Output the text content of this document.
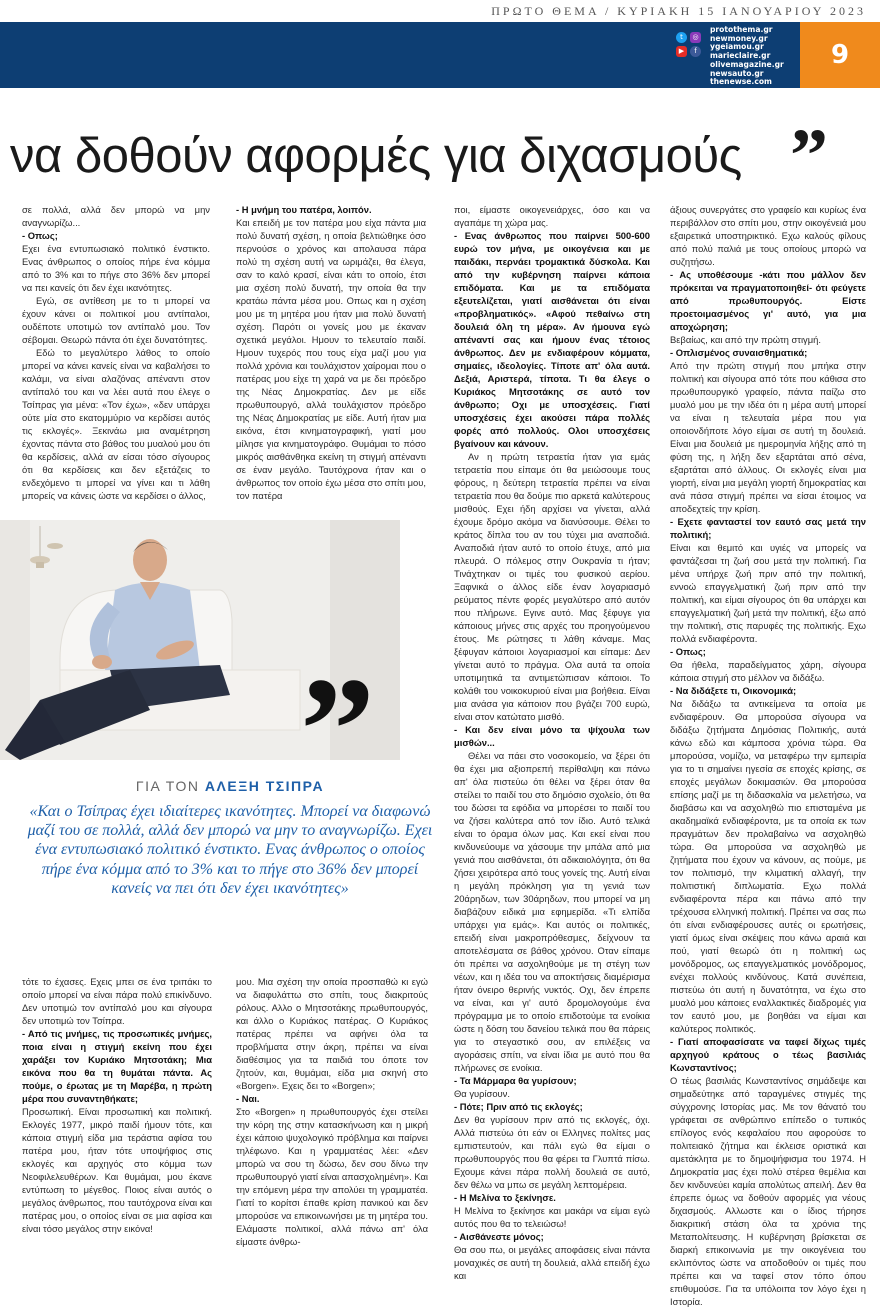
ΠΡΩΤΟ ΘΕΜΑ / ΚΥΡΙΑΚΗ 15 ΙΑΝΟΥΑΡΙΟΥ 2023
t	◎
▶	f
protothema.gr
newmoney.gr
ygeiamou.gr
marieclaire.gr
olivemagazine.gr
newsauto.gr
thenewse.com
9
να δοθούν αφορμές για διχασμούς ”

σε πολλά, αλλά δεν μπορώ να μην αναγνωρίζω...

- Οπως;

Εχει ένα εντυπωσιακό πολιτικό ένστικτο. Ενας άνθρωπος ο οποίος πήρε ένα κόμμα από το 3% και το πήγε στο 36% δεν μπορεί να πει κανείς ότι δεν έχει ικανότητες.

Εγώ, σε αντίθεση με το τι μπορεί να έχουν κάνει οι πολιτικοί μου αντίπαλοι, ουδέποτε υποτιμώ τον αντίπαλό μου. Τον σέβομαι. Θεωρώ πάντα ότι έχει δυνατότητες.

Εδώ το μεγαλύτερο λάθος το οποίο μπορεί να κάνει κανείς είναι να καβαλήσει το καλάμι, να είναι αλαζόνας απέναντι στον αντίπαλό του και να λέει αυτά που έλεγε ο Τσίπρας για μένα: «Τον έχω», «δεν υπάρχει ούτε μία στο εκατομμύριο να κερδίσει αυτός τις εκλογές». Ξεκινάω μια αναμέτρηση έχοντας πάντα στο βάθος του μυαλού μου ότι θα κερδίσεις, αλλά αν είσαι τόσο σίγουρος ότι θα κερδίσεις και δεν εξετάζεις το ενδεχόμενο τι μπορεί να γίνει και τι λάθη μπορείς να κάνεις ώστε να κερδίσει ο άλλος,

- Η μνήμη του πατέρα, λοιπόν.

Και επειδή με τον πατέρα μου είχα πάντα μια πολύ δυνατή σχέση, η οποία βελτιώθηκε όσο περνούσε ο χρόνος και απολαυσα πάρα πολύ τη σχέση αυτή να ωριμάζει, θα έλεγα, σαν το καλό κρασί, είναι κάτι το οποίο, έτσι μια σχέση πολύ δυνατή, την οποία θα την κρατάω πάντα μέσα μου. Οπως και η σχέση μου με τη μητέρα μου ήταν μια πολύ δυνατή σχέση. Παρότι οι γονείς μου με έκαναν σχετικά μεγάλοι. Ημουν το τελευταίο παιδί. Ημουν τυχερός που τους είχα μαζί μου για πολλά χρόνια και τουλάχιστον χαίρομαι που ο πατέρας μου είχε τη χαρά να με δει πρόεδρο της Νέας Δημοκρατίας. Δεν με είδε πρωθυπουργό, αλλά τουλάχιστον πρόεδρο της Νέας Δημοκρατίας με είδε. Αυτή ήταν μια εικόνα, έτσι κινηματογραφική, γιατί μου μίλησε για κινηματογράφο. Θυμάμαι το πόσο μικρός αισθάνθηκα εκείνη τη στιγμή απέναντι σε έναν μεγάλο. Ταυτόχρονα ήταν και ο άνθρωπος τον οποίο έχω μέσα στο σπίτι μου, τον πατέρα

ποι, είμαστε οικογενειάρχες, όσο και να αγαπάμε τη χώρα μας.

- Ενας άνθρωπος που παίρνει 500-600 ευρώ τον μήνα, με οικογένεια και με παιδάκι, περνάει τρομακτικά δύσκολα. Και από την κυβέρνηση παίρνει κάποια επιδόματα. Και με τα επιδόματα εξευτελίζεται, γιατί αισθάνεται ότι είναι «προβληματικός». «Αφού πεθαίνω στη δουλειά όλη τη μέρα». Αν ήμουνα εγώ απέναντί σας και ήμουν ένας τέτοιος άνθρωπος. Δεν με ενδιαφέρουν κόμματα, σημαίες, ιδεολογίες. Τίποτε απ' όλα αυτά. Δεξιά, Αριστερά, τίποτα. Τι θα έλεγε ο Κυριάκος Μητσοτάκης σε αυτό τον άνθρωπο; Οχι με υποσχέσεις. Γιατί υποσχέσεις έχει ακούσει πάρα πολλές φορές από πολλούς. Ολοι υποσχέσεις βγαίνουν και κάνουν.

Αν η πρώτη τετραετία ήταν για εμάς τετραετία που είπαμε ότι θα μειώσουμε τους φόρους, η δεύτερη τετραετία πρέπει να είναι τετραετία που θα δούμε πιο αρκετά καλύτερους μισθούς. Εχει ήδη αρχίσει να γίνεται, αλλά έχουμε δρόμο ακόμα να διανύσουμε. Θέλει το κράτος δίπλα του αν του τύχει μια αναποδιά. Αναποδιά ήταν αυτό το οποίο έτυχε, από μια πλευρά. Ο πόλεμος στην Ουκρανία τι ήταν; Τινάχτηκαν οι τιμές του φυσικού αερίου. Ξαφνικά ο άλλος είδε έναν λογαριασμό ρεύματος πέντε φορές μεγαλύτερο από αυτόν που πλήρωνε. Εγινε αυτό. Μας ξέφυγε για κάποιους μήνες στις αρχές του προηγούμενου έτους. Με ρώτησες τι λάθη κάναμε. Μας ξέφυγαν κάποιοι λογαριασμοί και είπαμε: Δεν γίνεται αυτό το πράγμα. Ολα αυτά τα οποία υποτιμητικά τα αντιμετώπισαν κάποιοι. Το κολάθι του νοικοκυριού είναι μια βοήθεια. Είναι μια ανάσα για κάποιον που βγάζει 700 ευρώ, είναι στον κατώτατο μισθό.

- Και δεν είναι μόνο τα ψίχουλα των μισθών...

Θέλει να πάει στο νοσοκομείο, να ξέρει ότι θα έχει μια αξιοπρεπή περίθαλψη και πάνω απ' όλα πιστεύω ότι θέλει να ξέρει όταν θα στείλει το παιδί του στο δημόσιο σχολείο, ότι θα του δώσει τα εφόδια να μπορέσει το παιδί του να ζήσει καλύτερα από τον ίδιο. Αυτό τελικά είναι το όραμα όλων μας. Και εκεί είναι που κινδυνεύουμε να χάσουμε την μπάλα από μια γενιά που αισθάνεται, ότι αδικαιολόγητα, ότι θα ζήσει χειρότερα από τους γονείς της. Αυτή είναι η μεγάλη πρόκληση για τη γενιά των 20άρηδων, των 30άρηδων, που μπορεί να μη διαβάζουν ειδικά μια εφημερίδα. «Τι ελπίδα υπάρχει για εμάς». Και αυτός οι πολιτικές, επειδή είναι μακροπρόθεσμες, δείχνουν τα αποτελέσματα σε βάθος χρόνου. Οταν είπαμε ότι πρέπει να ασχοληθούμε με τη στέγη των νέων, και η ιδέα του να αποκτήσεις διαμέρισμα ήταν όνειρο θερινής νυκτός. Οχι, δεν έπρεπε να είναι, και γι' αυτό δρομολογούμε ένα πρόγραμμα με το οποίο επιδοτούμε τα ενοίκια ώστε η δόση του δανείου τελικά που θα πάρεις για το στεγαστικό σου, αν επιλέξεις να αγοράσεις σπίτι, να είναι ίδια με αυτό που θα πλήρωνες σε ενοίκια.

- Τα Μάρμαρα θα γυρίσουν;

Θα γυρίσουν.

- Πότε; Πριν από τις εκλογές;

Δεν θα γυρίσουν πριν από τις εκλογές, όχι. Αλλά πιστεύω ότι εάν οι Ελληνες πολίτες μας εμπιστευτούν, και πάλι εγώ θα είμαι ο πρωθυπουργός που θα φέρει τα Γλυπτά πίσω. Εχουμε κάνει πάρα πολλή δουλειά σε αυτό, δεν θέλω να μπω σε μεγάλη λεπτομέρεια.

- Η Μελίνα το ξεκίνησε.

Η Μελίνα το ξεκίνησε και μακάρι να είμαι εγώ αυτός που θα το τελειώσω!

- Αισθάνεστε μόνος;

Θα σου πω, οι μεγάλες αποφάσεις είναι πάντα μοναχικές σε αυτή τη δουλειά, αλλά επειδή έχω και

άξιους συνεργάτες στο γραφείο και κυρίως ένα περιβάλλον στο σπίτι μου, στην οικογένειά μου εξαιρετικά υποστηρικτικό. Εχω καλούς φίλους από πολύ παλιά με τους οποίους μπορώ να συζητήσω.

- Ας υποθέσουμε -κάτι που μάλλον δεν πρόκειται να πραγματοποιηθεί- ότι φεύγετε από πρωθυπουργός. Είστε προετοιμασμένος γι' αυτό, για μια αποχώρηση;

Βεβαίως, και από την πρώτη στιγμή.

- Οπλισμένος συναισθηματικά;

Από την πρώτη στιγμή που μπήκα στην πολιτική και σίγουρα από τότε που κάθισα στο πρωθυπουργικό γραφείο, πάντα παίζω στο μυαλό μου με την ιδέα ότι η μέρα αυτή μπορεί να είναι η τελευταία μέρα που για οποιονδήποτε λόγο είμαι σε αυτή τη δουλειά. Είναι μια δουλειά με ημερομηνία λήξης από τη φύση της, η λήξη δεν εξαρτάται από σένα, εξαρτάται από άλλους. Οι εκλογές είναι μια γιορτή, είναι μια μεγάλη γιορτή δημοκρατίας και ανά πάσα στιγμή πρέπει να είσαι έτοιμος να αποδεχτείς την κρίση.

- Εχετε φανταστεί τον εαυτό σας μετά την πολιτική;

Είναι και θεμιτό και υγιές να μπορείς να φαντάζεσαι τη ζωή σου μετά την πολιτική. Για μένα υπήρχε ζωή πριν από την πολιτική, εννοώ επαγγελματική ζωή πριν από την πολιτική, και είμαι σίγουρος ότι θα υπάρχει και επαγγελματική ζωή μετά την πολιτική, έξω από την πολιτική, στις παρυφές της πολιτικής. Εχω πολλά ενδιαφέροντα.

- Οπως;

Θα ήθελα, παραδείγματος χάρη, σίγουρα κάποια στιγμή στο μέλλον να διδάξω.

- Να διδάξετε τι, Οικονομικά;

Να διδάξω τα αντικείμενα τα οποία με ενδιαφέρουν. Θα μπορούσα σίγουρα να διδάξω ζητήματα Δημόσιας Πολιτικής, αυτά κάνω εδώ και κάμποσα χρόνια τώρα. Θα μπορούσα, νομίζω, να μεταφέρω την εμπειρία για το τι σημαίνει ηγεσία σε εποχές κρίσης, σε εποχές μεγάλων δοκιμασιών. Θα μπορούσα επίσης μαζί με τη διδασκαλία να μελετήσω, να διαβάσω και να ασχοληθώ πιο επισταμένα με ακαδημαϊκά ενδιαφέροντα, με τα οποία εκ των πραγμάτων δεν προλαβαίνω να ασχοληθώ τώρα. Θα μπορούσα να ασχοληθώ με ζητήματα που έχουν να κάνουν, ας πούμε, με τον πολιτισμό, την κλιματική αλλαγή, την πολιτιστική διπλωματία. Εχω πολλά ενδιαφέροντα πέρα και πάνω από την τρέχουσα ελληνική πολιτική. Πρέπει να σας πω ότι είναι ενδιαφέρουσες αυτές οι ερωτήσεις, γιατί όμως είναι σκέψεις που κάνω αραιά και πού, γιατί θεωρώ ότι η πολιτική ως μονόδρομος, ως επαγγελματικός μονόδρομος, ενέχει πολλούς κινδύνους. Κατά συνέπεια, πιστεύω ότι αυτή η δυνατότητα, να έχω στο μυαλό μου κάποιες εναλλακτικές διαδρομές για τον εαυτό μου, με βοηθάει να είμαι και καλύτερος πολιτικός.

- Γιατί αποφασίσατε να ταφεί δίχως τιμές αρχηγού κράτους ο τέως βασιλιάς Κωνσταντίνος;

Ο τέως βασιλιάς Κωνσταντίνος σημάδεψε και σημαδεύτηκε από ταραγμένες στιγμές της σύγχρονης Ιστορίας μας. Με τον θάνατό του γράφεται σε ανθρώπινο επίπεδο ο τυπικός επίλογος ενός κεφαλαίου που αφορούσε το πολιτειακό ζήτημα και έκλεισε οριστικά και αμετάκλητα με το δημοψήφισμα του 1974. Η Δημοκρατία μας έχει πολύ στέρεα θεμέλια και δεν κινδυνεύει καμία απολύτως απειλή. Δεν θα έπρεπε όμως να δοθούν αφορμές για νέους διχασμούς. Αλλωστε και ο ίδιος τήρησε διακριτική στάση όλα τα χρόνια της Μεταπολίτευσης. Η κυβέρνηση βρίσκεται σε διαρκή επικοινωνία με την οικογένεια του εκλιπόντος ώστε να αποδοθούν οι τιμές που πρέπει και να ταφεί στον τόπο όπου επιθυμούσε. Για τα υπόλοιπα τον λόγο έχει η Ιστορία.

τότε το έχασες. Εχεις μπει σε ένα τριπάκι το οποίο μπορεί να είναι πάρα πολύ επικίνδυνο. Δεν υποτιμώ τον αντίπαλό μου και σίγουρα δεν υποτιμώ τον Τσίπρα.

- Από τις μνήμες, τις προσωπικές μνήμες, ποια είναι η στιγμή εκείνη που έχει χαράξει τον Κυριάκο Μητσοτάκη; Μια εικόνα που θα τη θυμάται πάντα. Ας πούμε, ο έρωτας με τη Μαρέβα, η πρώτη μέρα που συναντηθήκατε;

Προσωπική. Είναι προσωπική και πολιτική. Εκλογές 1977, μικρό παιδί ήμουν τότε, και κάποια στιγμή είδα μια τεράστια αφίσα του πατέρα μου, ήταν τότε υποψήφιος στις εκλογές και αρχηγός στο κόμμα των Νεοφιλελευθέρων. Και θυμάμαι, μου έκανε εντύπωση το μέγεθος. Ποιος είναι αυτός ο μεγάλος άνθρωπος, που ταυτόχρονα είναι και πατέρας μου, ο οποίος είναι σε μια αφίσα και είναι τόσο μεγάλος στην εικόνα!

μου. Μια σχέση την οποία προσπαθώ κι εγώ να διαφυλάττω στο σπίτι, τους διακριτούς ρόλους. Αλλο ο Μητσοτάκης πρωθυπουργός, και άλλο ο Κυριάκος πατέρας. Ο Κυριάκος πατέρας πρέπει να αφήνει όλα τα προβλήματα στην άκρη, πρέπει να είναι διαθέσιμος για τα παιδιά του όποτε τον ζητούν, και, θυμάμαι, είδα μια σκηνή στο «Borgen». Εχεις δει το «Borgen»;

- Ναι.

Στο «Borgen» η πρωθυπουργός έχει στείλει την κόρη της στην κατασκήνωση και η μικρή έχει κάποιο ψυχολογικό πρόβλημα και παίρνει τηλέφωνο. Και η γραμματέας λέει: «Δεν μπορώ να σου τη δώσω, δεν σου δίνω την πρωθυπουργό γιατί είναι απασχολημένη». Και την επόμενη μέρα την απολύει τη γραμματέα. Γιατί το κορίτσι έπαθε κρίση πανικού και δεν μπορούσε να επικοινωνήσει με τη μητέρα του. Ελάμαστε πολιτικοί, αλλά πάνω απ' όλα είμαστε άνθρω-

”
ΓΙΑ ΤΟΝ ΑΛΕΞΗ ΤΣΙΠΡΑ
«Και ο Τσίπρας έχει ιδιαίτερες ικανότητες. Μπορεί να διαφωνώ μαζί του σε πολλά, αλλά δεν μπορώ να μην το αναγνωρίζω. Εχει ένα εντυπωσιακό πολιτικό ένστικτο. Ενας άνθρωπος ο οποίος πήρε ένα κόμμα από το 3% και το πήγε στο 36% δεν μπορεί κανείς να πει ότι δεν έχει ικανότητες»
